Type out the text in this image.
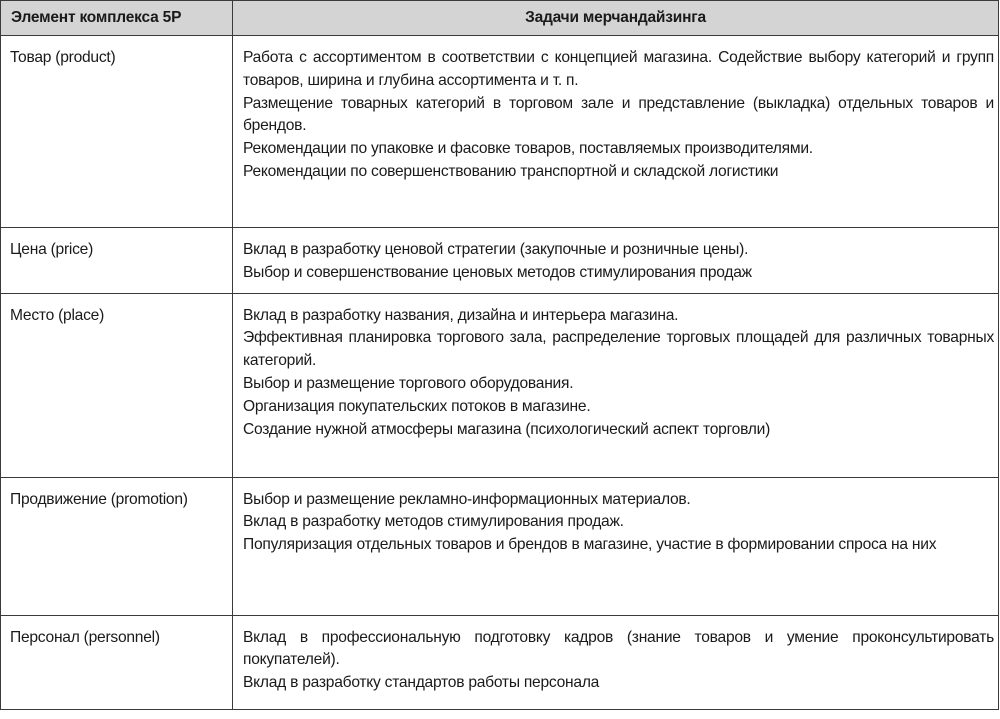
Элемент комплекса 5P	Задачи мерчандайзинга
Товар (product)	Работа с ассортиментом в соответствии с концепцией магазина. Содействие выбору категорий и групп товаров, ширина и глубина ассортимента и т. п.

Размещение товарных категорий в торговом зале и представление (выкладка) отдельных товаров и брендов.

Рекомендации по упаковке и фасовке товаров, поставляемых производителями.

Рекомендации по совершенствованию транспортной и складской логистики

Цена (price)	Вклад в разработку ценовой стратегии (закупочные и розничные цены).

Выбор и совершенствование ценовых методов стимулирования продаж

Место (place)	Вклад в разработку названия, дизайна и интерьера магазина.

Эффективная планировка торгового зала, распределение торговых площадей для различных товарных категорий.

Выбор и размещение торгового оборудования.

Организация покупательских потоков в магазине.

Создание нужной атмосферы магазина (психологический аспект торговли)

Продвижение (promotion)	Выбор и размещение рекламно-информационных материалов.

Вклад в разработку методов стимулирования продаж.

Популяризация отдельных товаров и брендов в магазине, участие в формировании спроса на них

Персонал (personnel)	Вклад в профессиональную подготовку кадров (знание товаров и умение проконсультировать покупателей).

Вклад в разработку стандартов работы персонала
